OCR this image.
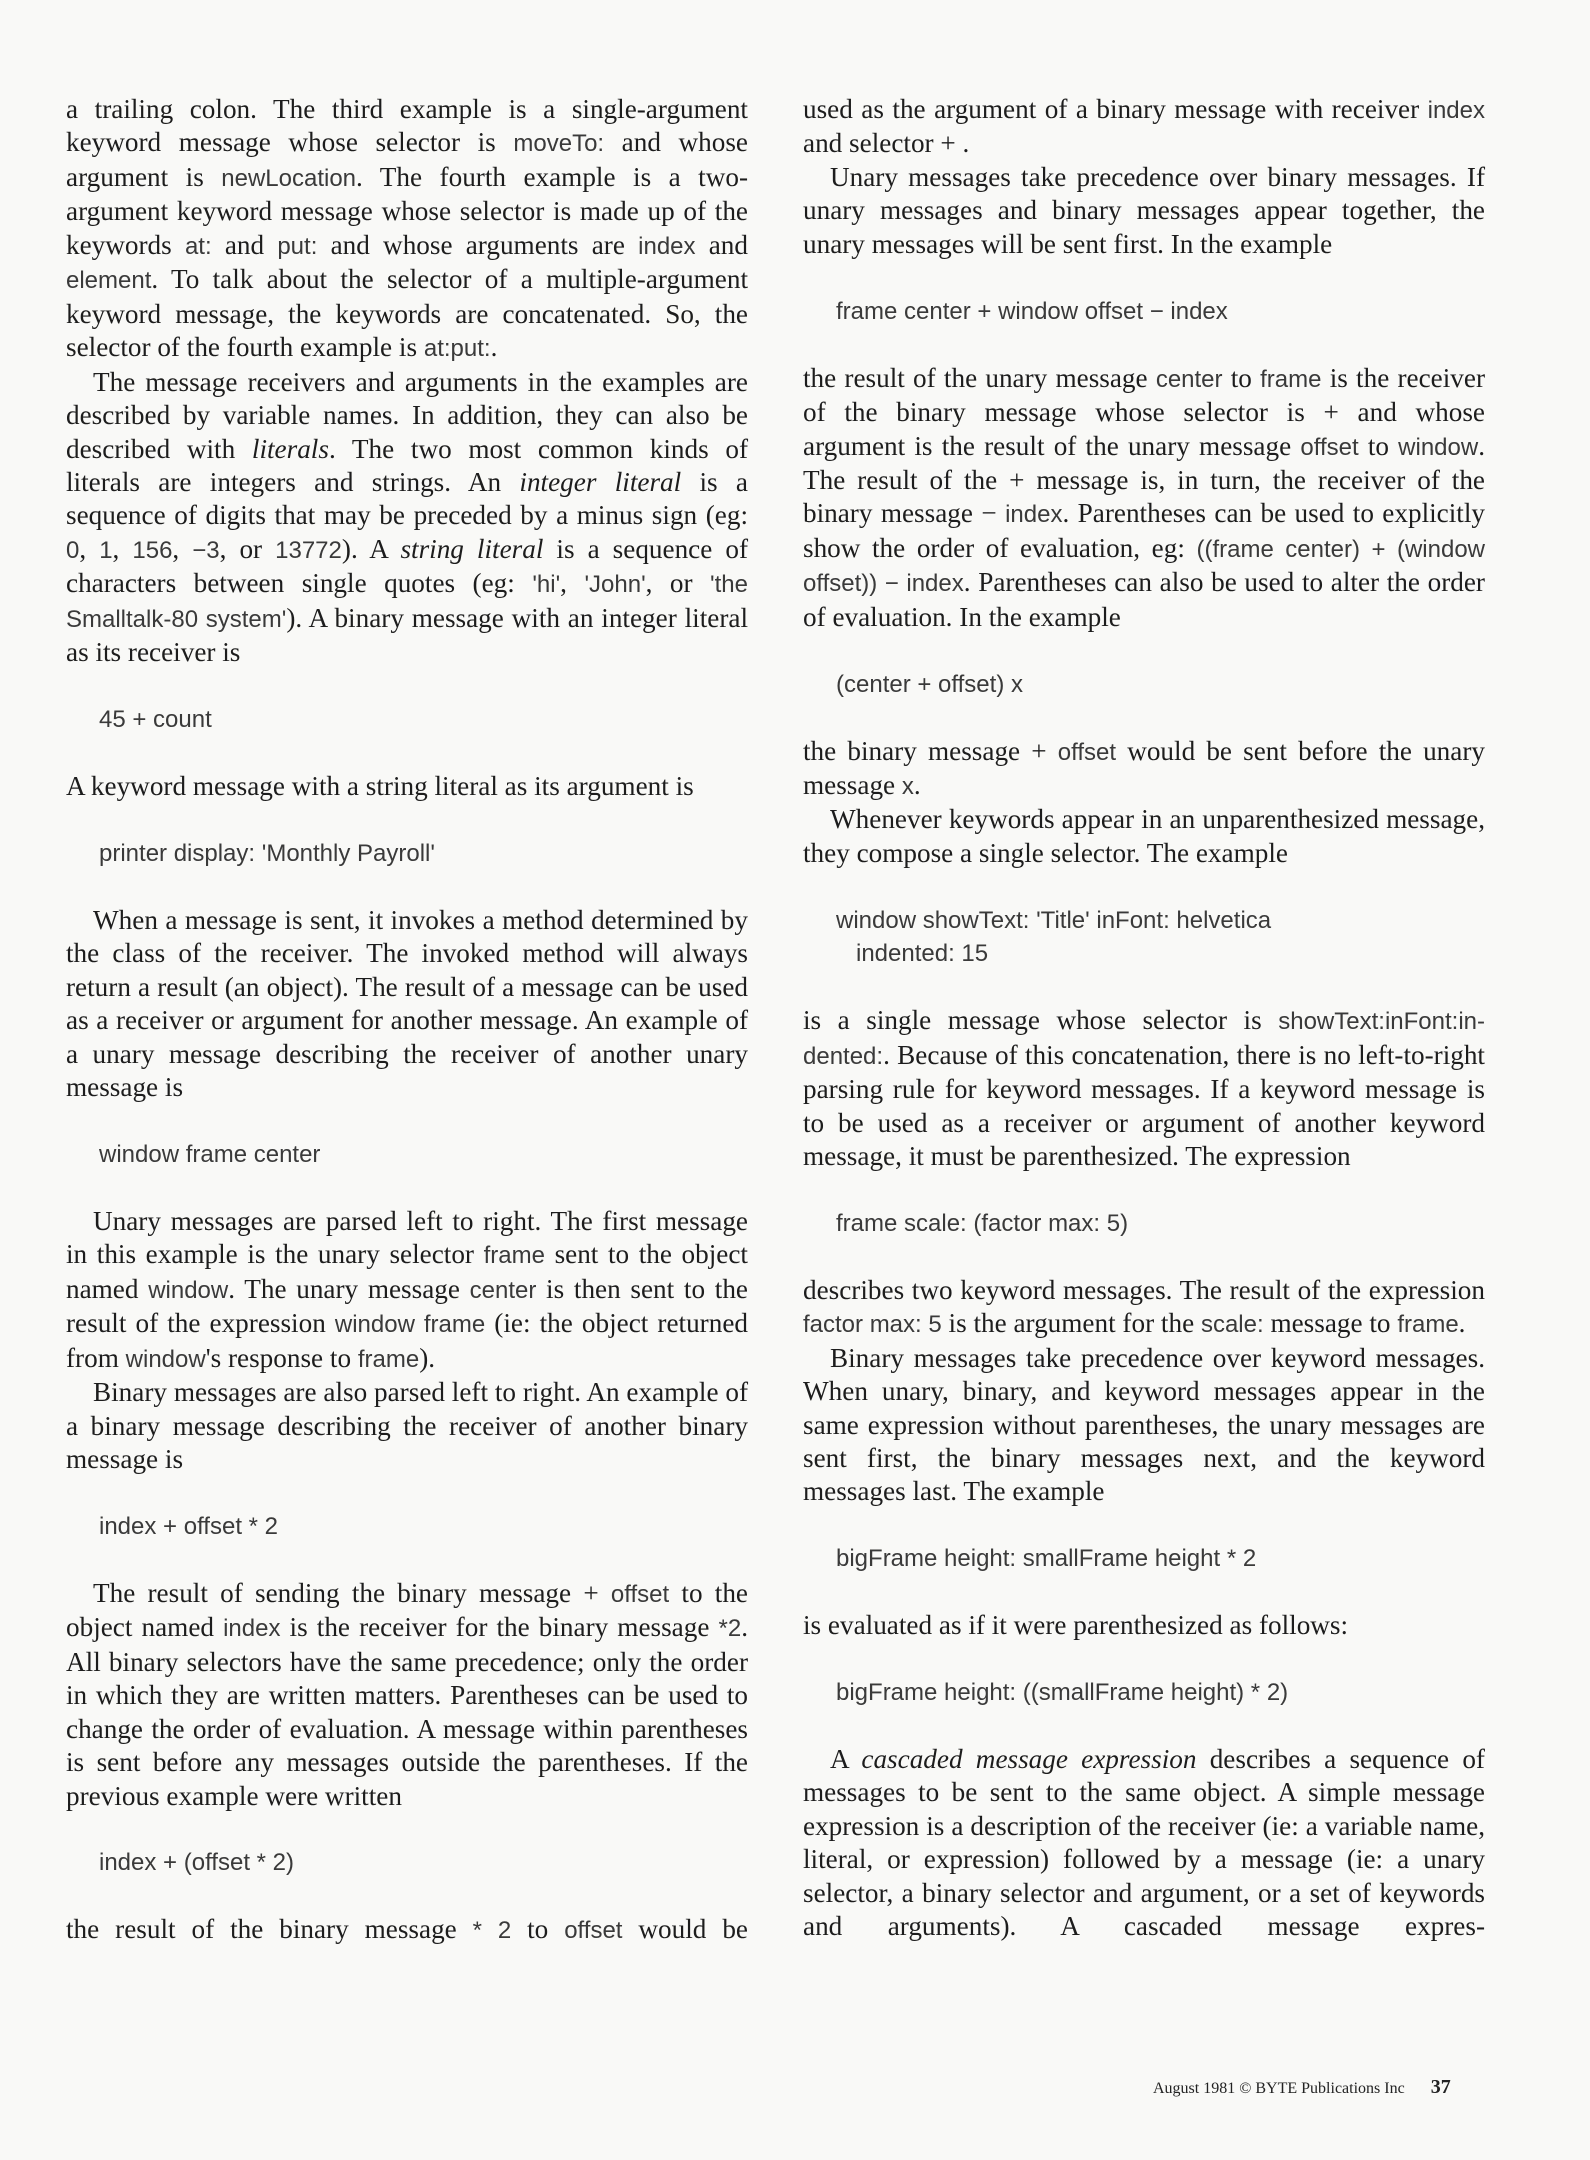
a trailing colon. The third example is a single-argument keyword message whose selector is moveTo: and whose argument is newLocation. The fourth example is a two-argument keyword message whose selector is made up of the keywords at: and put: and whose arguments are index and element. To talk about the selector of a multiple-argument keyword message, the keywords are concatenated. So, the selector of the fourth example is at:put:.

The message receivers and arguments in the examples are described by variable names. In addition, they can also be described with literals. The two most common kinds of literals are integers and strings. An integer literal is a sequence of digits that may be preceded by a minus sign (eg: 0, 1, 156, −3, or 13772). A string literal is a sequence of characters between single quotes (eg: 'hi', 'John', or 'the Smalltalk-80 system'). A binary message with an integer literal as its receiver is

45 + count

A keyword message with a string literal as its argument is

printer display: 'Monthly Payroll'

When a message is sent, it invokes a method determined by the class of the receiver. The invoked method will always return a result (an object). The result of a message can be used as a receiver or argument for another message. An example of a unary message describing the receiver of another unary message is

window frame center

Unary messages are parsed left to right. The first message in this example is the unary selector frame sent to the object named window. The unary message center is then sent to the result of the expression window frame (ie: the object returned from window's response to frame).

Binary messages are also parsed left to right. An example of a binary message describing the receiver of another binary message is

index + offset * 2

The result of sending the binary message + offset to the object named index is the receiver for the binary message *2. All binary selectors have the same precedence; only the order in which they are written matters. Parentheses can be used to change the order of evaluation. A message within parentheses is sent before any messages outside the parentheses. If the previous example were written

index + (offset * 2)

the result of the binary message * 2 to offset would be

used as the argument of a binary message with receiver index and selector + .

Unary messages take precedence over binary messages. If unary messages and binary messages appear together, the unary messages will be sent first. In the example

frame center + window offset − index

the result of the unary message center to frame is the receiver of the binary message whose selector is + and whose argument is the result of the unary message offset to window. The result of the + message is, in turn, the receiver of the binary message − index. Parentheses can be used to explicitly show the order of evaluation, eg: ((frame center) + (window offset)) − index. Parentheses can also be used to alter the order of evaluation. In the example

(center + offset) x

the binary message + offset would be sent before the unary message x.

Whenever keywords appear in an unparenthesized message, they compose a single selector. The example

window showText: 'Title' inFont: helvetica
indented: 15

is a single message whose selector is showText:inFont:indented:. Because of this concatenation, there is no left-to-right parsing rule for keyword messages. If a keyword message is to be used as a receiver or argument of another keyword message, it must be parenthesized. The expression

frame scale: (factor max: 5)

describes two keyword messages. The result of the expression factor max: 5 is the argument for the scale: message to frame.

Binary messages take precedence over keyword messages. When unary, binary, and keyword messages appear in the same expression without parentheses, the unary messages are sent first, the binary messages next, and the keyword messages last. The example

bigFrame height: smallFrame height * 2

is evaluated as if it were parenthesized as follows:

bigFrame height: ((smallFrame height) * 2)

A cascaded message expression describes a sequence of messages to be sent to the same object. A simple message expression is a description of the receiver (ie: a variable name, literal, or expression) followed by a message (ie: a unary selector, a binary selector and argument, or a set of keywords and arguments). A cascaded message expres-

August 1981 © BYTE Publications Inc 37
